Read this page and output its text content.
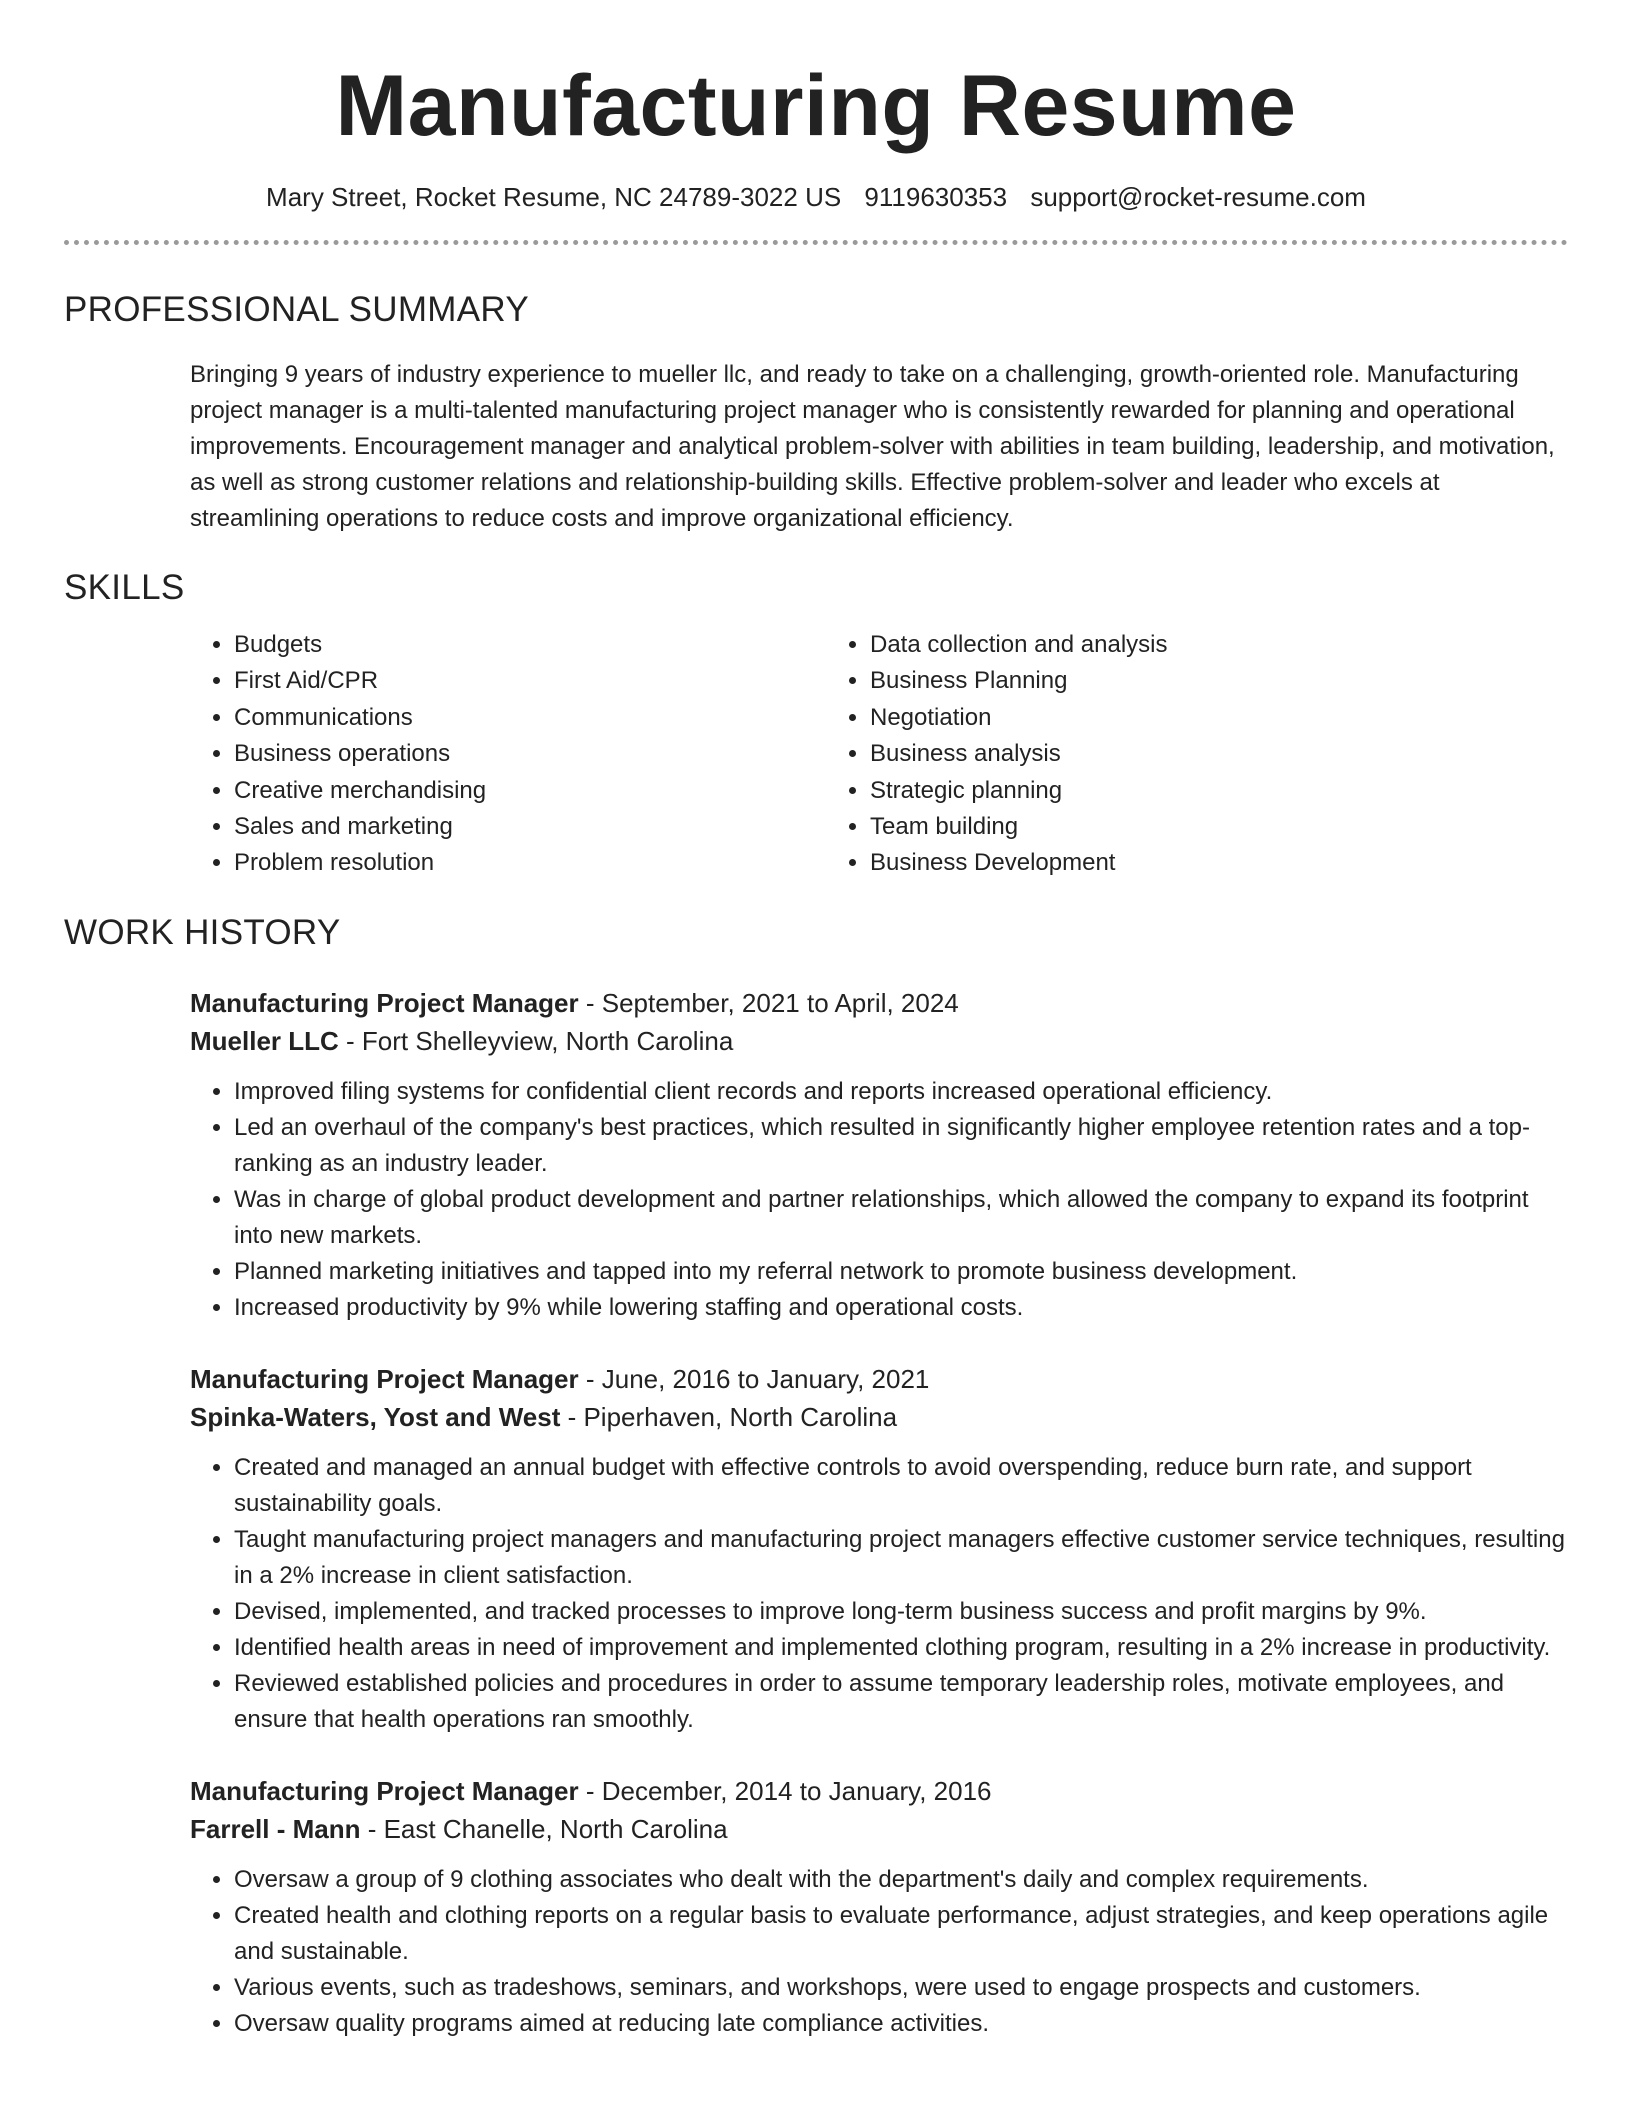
Manufacturing Resume
Mary Street, Rocket Resume, NC 24789-3022 US 9119630353 support@rocket-resume.com
PROFESSIONAL SUMMARY

Bringing 9 years of industry experience to mueller llc, and ready to take on a challenging, growth-oriented role. Manufacturing project manager is a multi-talented manufacturing project manager who is consistently rewarded for planning and operational improvements. Encouragement manager and analytical problem-solver with abilities in team building, leadership, and motivation, as well as strong customer relations and relationship-building skills. Effective problem-solver and leader who excels at streamlining operations to reduce costs and improve organizational efficiency.

SKILLS
• Budgets
• First Aid/CPR
• Communications
• Business operations
• Creative merchandising
• Sales and marketing
• Problem resolution
• Data collection and analysis
• Business Planning
• Negotiation
• Business analysis
• Strategic planning
• Team building
• Business Development
WORK HISTORY
Manufacturing Project Manager - September, 2021 to April, 2024
Mueller LLC - Fort Shelleyview, North Carolina
• Improved filing systems for confidential client records and reports increased operational efficiency.
• Led an overhaul of the company's best practices, which resulted in significantly higher employee retention rates and a top-ranking as an industry leader.
• Was in charge of global product development and partner relationships, which allowed the company to expand its footprint into new markets.
• Planned marketing initiatives and tapped into my referral network to promote business development.
• Increased productivity by 9% while lowering staffing and operational costs.
Manufacturing Project Manager - June, 2016 to January, 2021
Spinka-Waters, Yost and West - Piperhaven, North Carolina
• Created and managed an annual budget with effective controls to avoid overspending, reduce burn rate, and support sustainability goals.
• Taught manufacturing project managers and manufacturing project managers effective customer service techniques, resulting in a 2% increase in client satisfaction.
• Devised, implemented, and tracked processes to improve long-term business success and profit margins by 9%.
• Identified health areas in need of improvement and implemented clothing program, resulting in a 2% increase in productivity.
• Reviewed established policies and procedures in order to assume temporary leadership roles, motivate employees, and ensure that health operations ran smoothly.
Manufacturing Project Manager - December, 2014 to January, 2016
Farrell - Mann - East Chanelle, North Carolina
• Oversaw a group of 9 clothing associates who dealt with the department's daily and complex requirements.
• Created health and clothing reports on a regular basis to evaluate performance, adjust strategies, and keep operations agile and sustainable.
• Various events, such as tradeshows, seminars, and workshops, were used to engage prospects and customers.
• Oversaw quality programs aimed at reducing late compliance activities.
